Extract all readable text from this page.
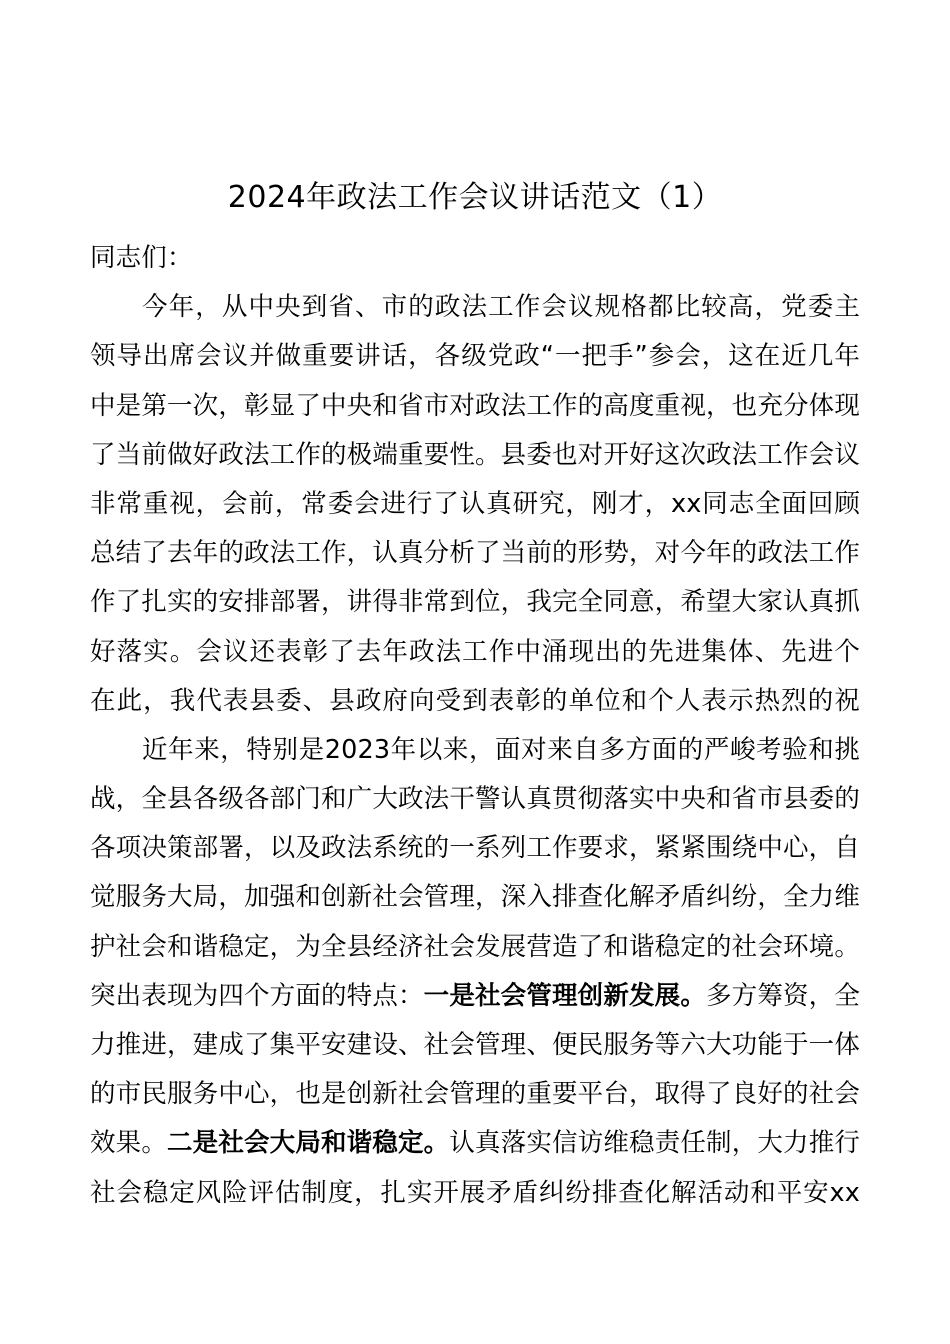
2024年政法工作会议讲话范文（1）
同志们：
今年，从中央到省、市的政法工作会议规格都比较高，党委主
领导出席会议并做重要讲话，各级党政“一把手”参会，这在近几年
中是第一次，彰显了中央和省市对政法工作的高度重视，也充分体现
了当前做好政法工作的极端重要性。县委也对开好这次政法工作会议
非常重视，会前，常委会进行了认真研究，刚才，xx同志全面回顾
总结了去年的政法工作，认真分析了当前的形势，对今年的政法工作
作了扎实的安排部署，讲得非常到位，我完全同意，希望大家认真抓
好落实。会议还表彰了去年政法工作中涌现出的先进集体、先进个
在此，我代表县委、县政府向受到表彰的单位和个人表示热烈的祝
近年来，特别是2023年以来，面对来自多方面的严峻考验和挑
战，全县各级各部门和广大政法干警认真贯彻落实中央和省市县委的
各项决策部署，以及政法系统的一系列工作要求，紧紧围绕中心，自
觉服务大局，加强和创新社会管理，深入排查化解矛盾纠纷，全力维
护社会和谐稳定，为全县经济社会发展营造了和谐稳定的社会环境。
突出表现为四个方面的特点：一是社会管理创新发展。多方筹资，全
力推进，建成了集平安建设、社会管理、便民服务等六大功能于一体
的市民服务中心，也是创新社会管理的重要平台，取得了良好的社会
效果。二是社会大局和谐稳定。认真落实信访维稳责任制，大力推行
社会稳定风险评估制度，扎实开展矛盾纠纷排查化解活动和平安xx
